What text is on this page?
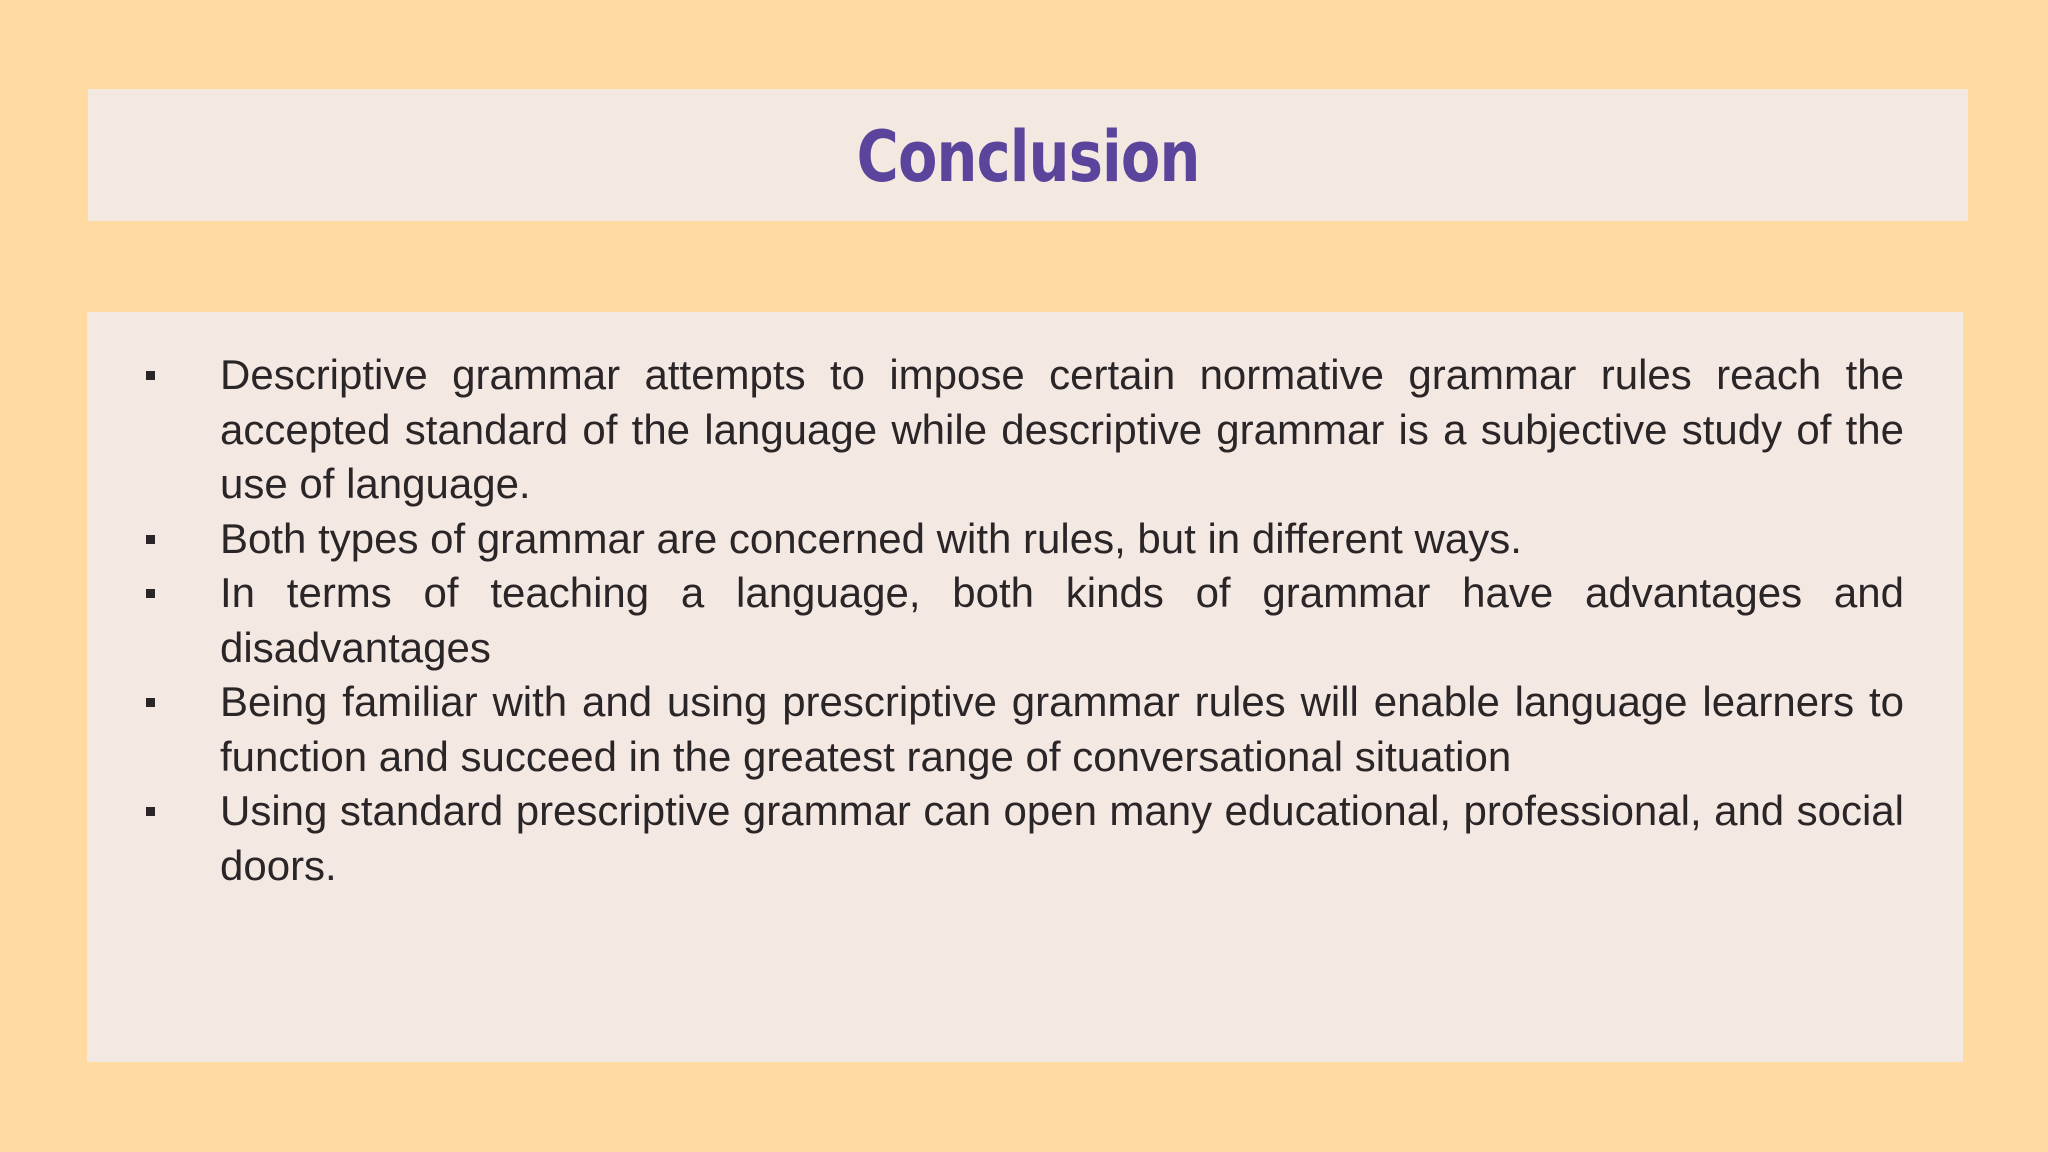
Conclusion
Descriptive grammar attempts to impose certain normative grammar rules reach the accepted standard of the language while descriptive grammar is a subjective study of the use of language.
Both types of grammar are concerned with rules, but in different ways.
In terms of teaching a language, both kinds of grammar have advantages and disadvantages
Being familiar with and using prescriptive grammar rules will enable language learners to function and succeed in the greatest range of conversational situation
Using standard prescriptive grammar can open many educational, professional, and social doors.
